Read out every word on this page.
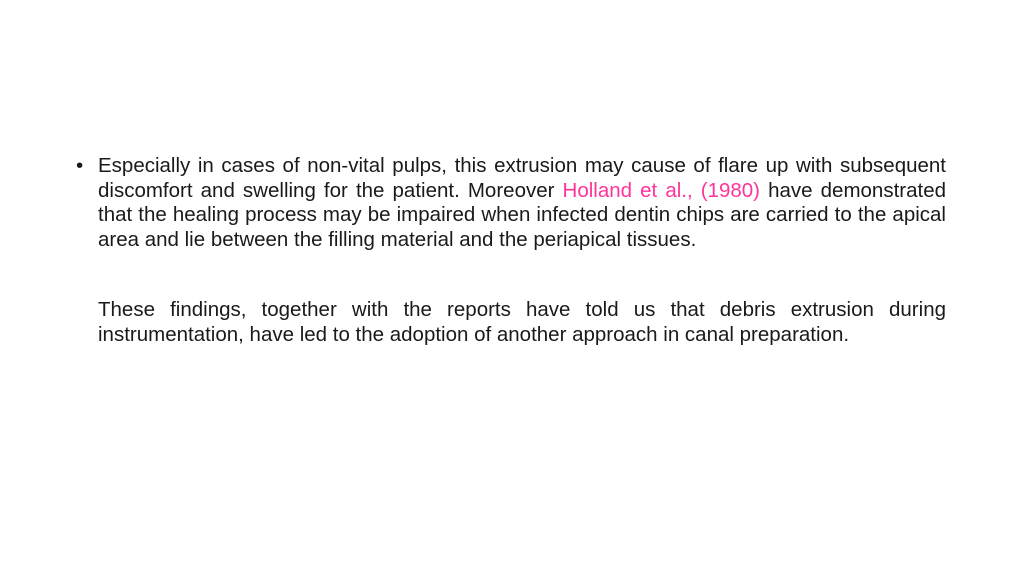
• Especially in cases of non-vital pulps, this extrusion may cause of flare up with subsequent discomfort and swelling for the patient. Moreover Holland et al., (1980) have demonstrated that the healing process may be impaired when infected dentin chips are carried to the apical area and lie between the filling material and the periapical tissues.

These findings, together with the reports have told us that debris extrusion during instrumentation, have led to the adoption of another approach in canal preparation.
